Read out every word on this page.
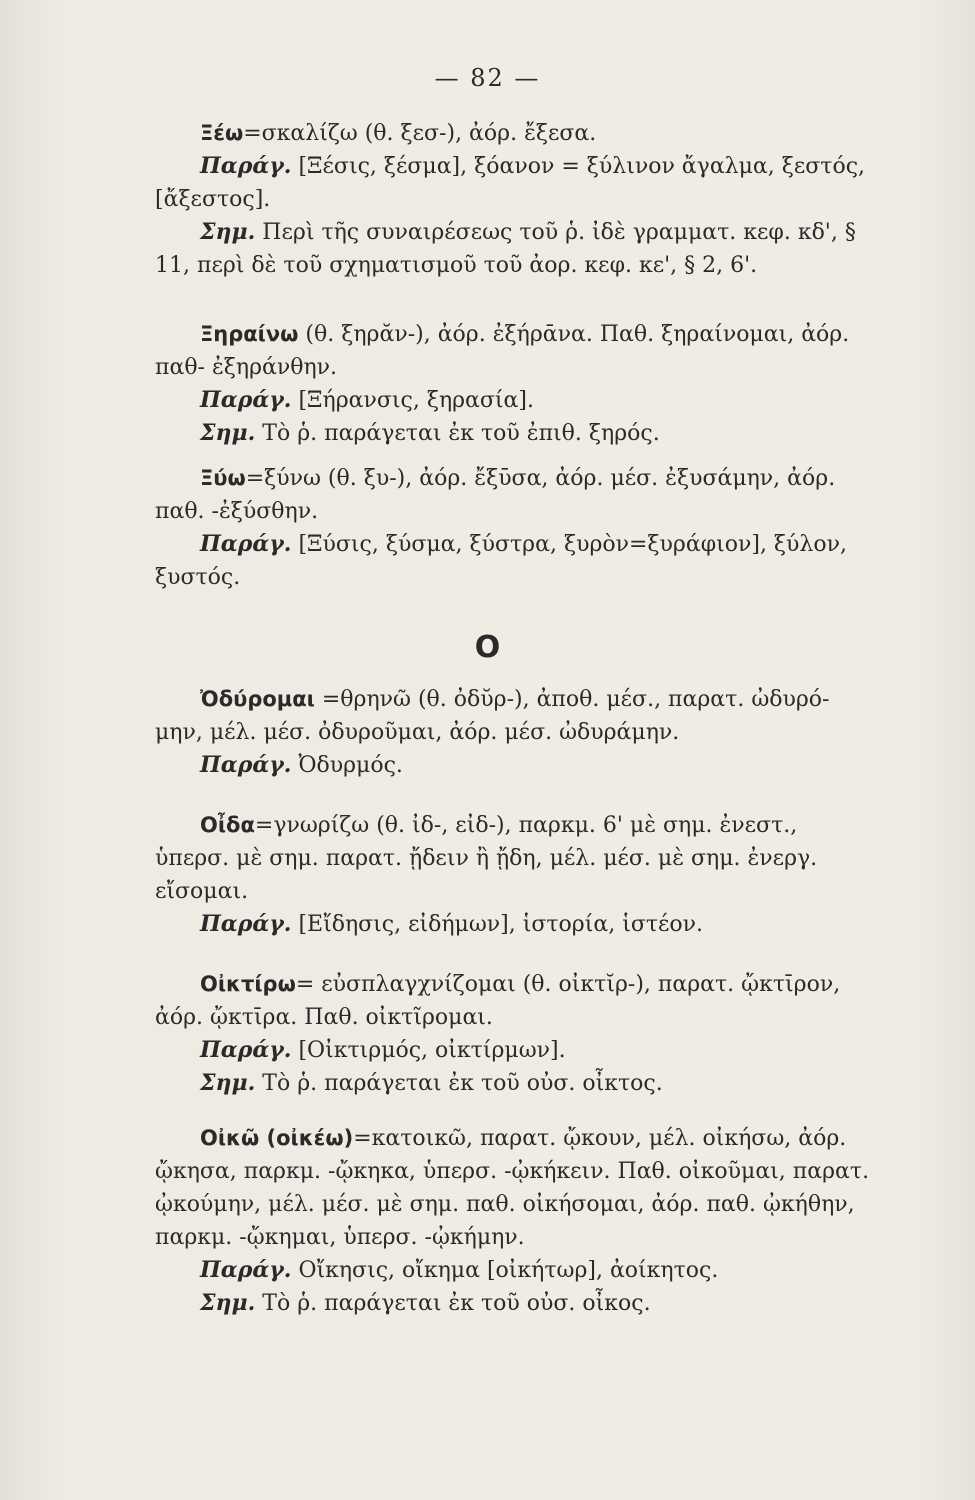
— 82 —

Ξέω=σκαλίζω (θ. ξεσ-), ἀόρ. ἔξεσα.

Παράγ. [Ξέσις, ξέσμα], ξόανον = ξύλινον ἄγαλμα, ξεστός,

[ἄξεστος].

Σημ. Περὶ τῆς συναιρέσεως τοῦ ῥ. ἰδὲ γραμματ. κεφ. κδ', §

11, περὶ δὲ τοῦ σχηματισμοῦ τοῦ ἀορ. κεφ. κε', § 2, 6'.

Ξηραίνω (θ. ξηρᾰν-), ἀόρ. ἐξήρᾱνα. Παθ. ξηραίνομαι, ἀόρ.

παθ- ἐξηράνθην.

Παράγ. [Ξήρανσις, ξηρασία].

Σημ. Τὸ ῥ. παράγεται ἐκ τοῦ ἐπιθ. ξηρός.

Ξύω=ξύνω (θ. ξυ-), ἀόρ. ἔξῡσα, ἀόρ. μέσ. ἐξυσάμην, ἀόρ.

παθ. -ἐξύσθην.

Παράγ. [Ξύσις, ξύσμα, ξύστρα, ξυρὸν=ξυράφιον], ξύλον,

ξυστός.

Ο

Ὀδύρομαι =θρηνῶ (θ. ὀδῠρ-), ἀποθ. μέσ., παρατ. ὠδυρό-

μην, μέλ. μέσ. ὀδυροῦμαι, ἀόρ. μέσ. ὠδυράμην.

Παράγ. Ὀδυρμός.

Οἶδα=γνωρίζω (θ. ἰδ-, εἰδ-), παρκμ. 6' μὲ σημ. ἐνεστ.,

ὑπερσ. μὲ σημ. παρατ. ᾔδειν ἢ ᾔδη, μέλ. μέσ. μὲ σημ. ἐνεργ.

εἴσομαι.

Παράγ. [Εἴδησις, εἰδήμων], ἱστορία, ἱστέον.

Οἰκτίρω= εὐσπλαγχνίζομαι (θ. οἰκτῐρ-), παρατ. ᾤκτῑρον,

ἀόρ. ᾤκτῑρα. Παθ. οἰκτῖρομαι.

Παράγ. [Οἰκτιρμός, οἰκτίρμων].

Σημ. Τὸ ῥ. παράγεται ἐκ τοῦ οὐσ. οἶκτος.

Οἰκῶ (οἰκέω)=κατοικῶ, παρατ. ᾤκουν, μέλ. οἰκήσω, ἀόρ.

ᾤκησα, παρκμ. -ᾤκηκα, ὑπερσ. -ᾠκήκειν. Παθ. οἰκοῦμαι, παρατ.

ᾠκούμην, μέλ. μέσ. μὲ σημ. παθ. οἰκήσομαι, ἀόρ. παθ. ᾠκήθην,

παρκμ. -ᾤκημαι, ὑπερσ. -ᾠκήμην.

Παράγ. Οἴκησις, οἴκημα [οἰκήτωρ], ἀοίκητος.

Σημ. Τὸ ῥ. παράγεται ἐκ τοῦ οὐσ. οἶκος.
